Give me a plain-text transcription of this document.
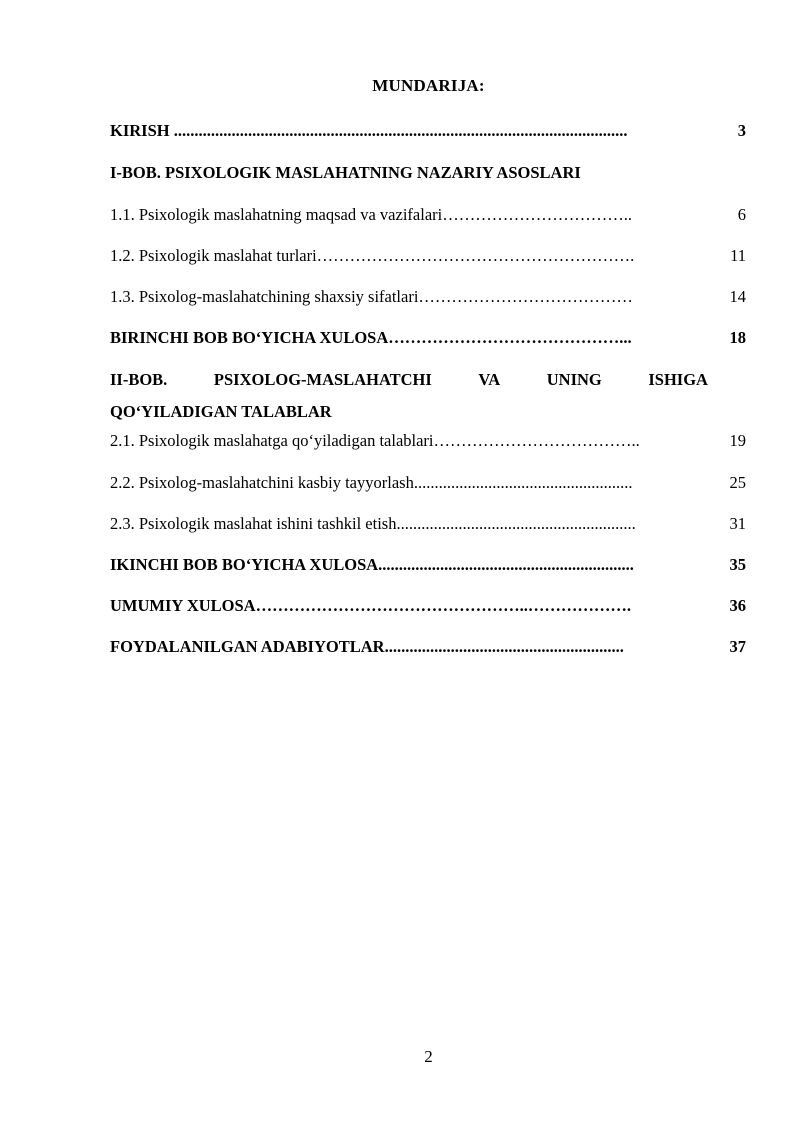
MUNDARIJA:
KIRISH ..............................................................................................................	3
I-BOB. PSIXOLOGIK MASLAHATNING NAZARIY ASOSLARI
1.1. Psixologik maslahatning maqsad va vazifalari……………………………..	6
1.2. Psixologik maslahat turlari………………………………………………….	11
1.3. Psixolog-maslahatchining shaxsiy sifatlari…………………………………	14
BIRINCHI BOB BO‘YICHA XULOSA……………………………………...	18
II-BOB.	PSIXOLOG-MASLAHATCHI	VA	UNING	ISHIGA
QO‘YILADIGAN TALABLAR
2.1. Psixologik maslahatga qo‘yiladigan talablari………………………………..	19
2.2. Psixolog-maslahatchini kasbiy tayyorlash.....................................................	25
2.3. Psixologik maslahat ishini tashkil etish..........................................................	31
IKINCHI BOB BO‘YICHA XULOSA..............................................................	35
UMUMIY XULOSA…………………………………………..……………….	36
FOYDALANILGAN ADABIYOTLAR..........................................................	37
2
